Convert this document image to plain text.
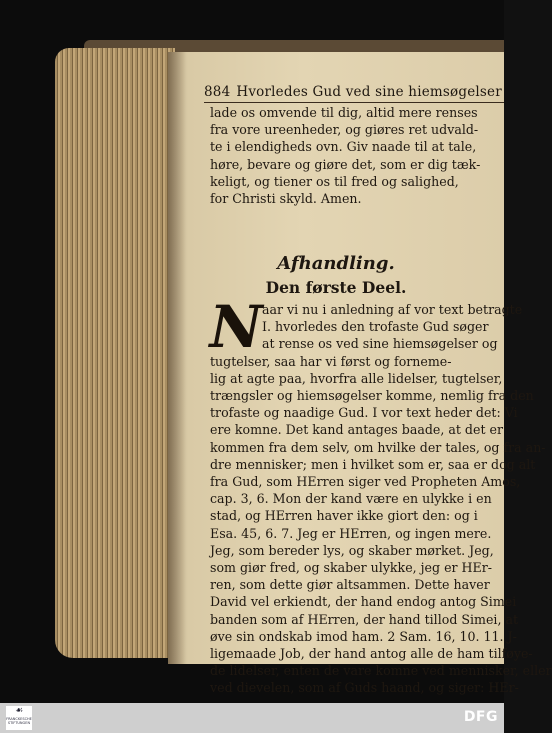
884 Hvorledes Gud ved sine hiemsøgelser
lade os omvende til dig, altid mere renses
fra vore ureenheder, og giøres ret udvald-
te i elendigheds ovn. Giv naade til at tale,
høre, bevare og giøre det, som er dig tæk-
keligt, og tiener os til fred og salighed,
for Christi skyld. Amen.
Afhandling.
Den første Deel.
N aar vi nu i anledning af vor text betragte
I. hvorledes den trofaste Gud søger
at rense os ved sine hiemsøgelser og
tugtelser, saa har vi først og forneme-
lig at agte paa, hvorfra alle lidelser, tugtelser,
trængsler og hiemsøgelser komme, nemlig fra den
trofaste og naadige Gud. I vor text heder det: Vi
ere komne. Det kand antages baade, at det er
kommen fra dem selv, om hvilke der tales, og fra an-
dre mennisker; men i hvilket som er, saa er dog alt
fra Gud, som HErren siger ved Propheten Amos,
cap. 3, 6. Mon der kand være en ulykke i en
stad, og HErren haver ikke giort den: og i
Esa. 45, 6. 7. Jeg er HErren, og ingen mere.
Jeg, som bereder lys, og skaber mørket. Jeg,
som giør fred, og skaber ulykke, jeg er HEr-
ren, som dette giør altsammen. Dette haver
David vel erkiendt, der hand endog antog Simei
banden som af HErren, der hand tillod Simei, at
øve sin ondskab imod ham. 2 Sam. 16, 10. 11. J-
ligemaade Job, der hand antog alle de ham tilføye-
de lidelser, enten de vare komne ved mennisker, eller
ved dievelen, som af Guds haand, og siger: HEr-
☙
FRANCKESCHE STIFTUNGEN	DFG
